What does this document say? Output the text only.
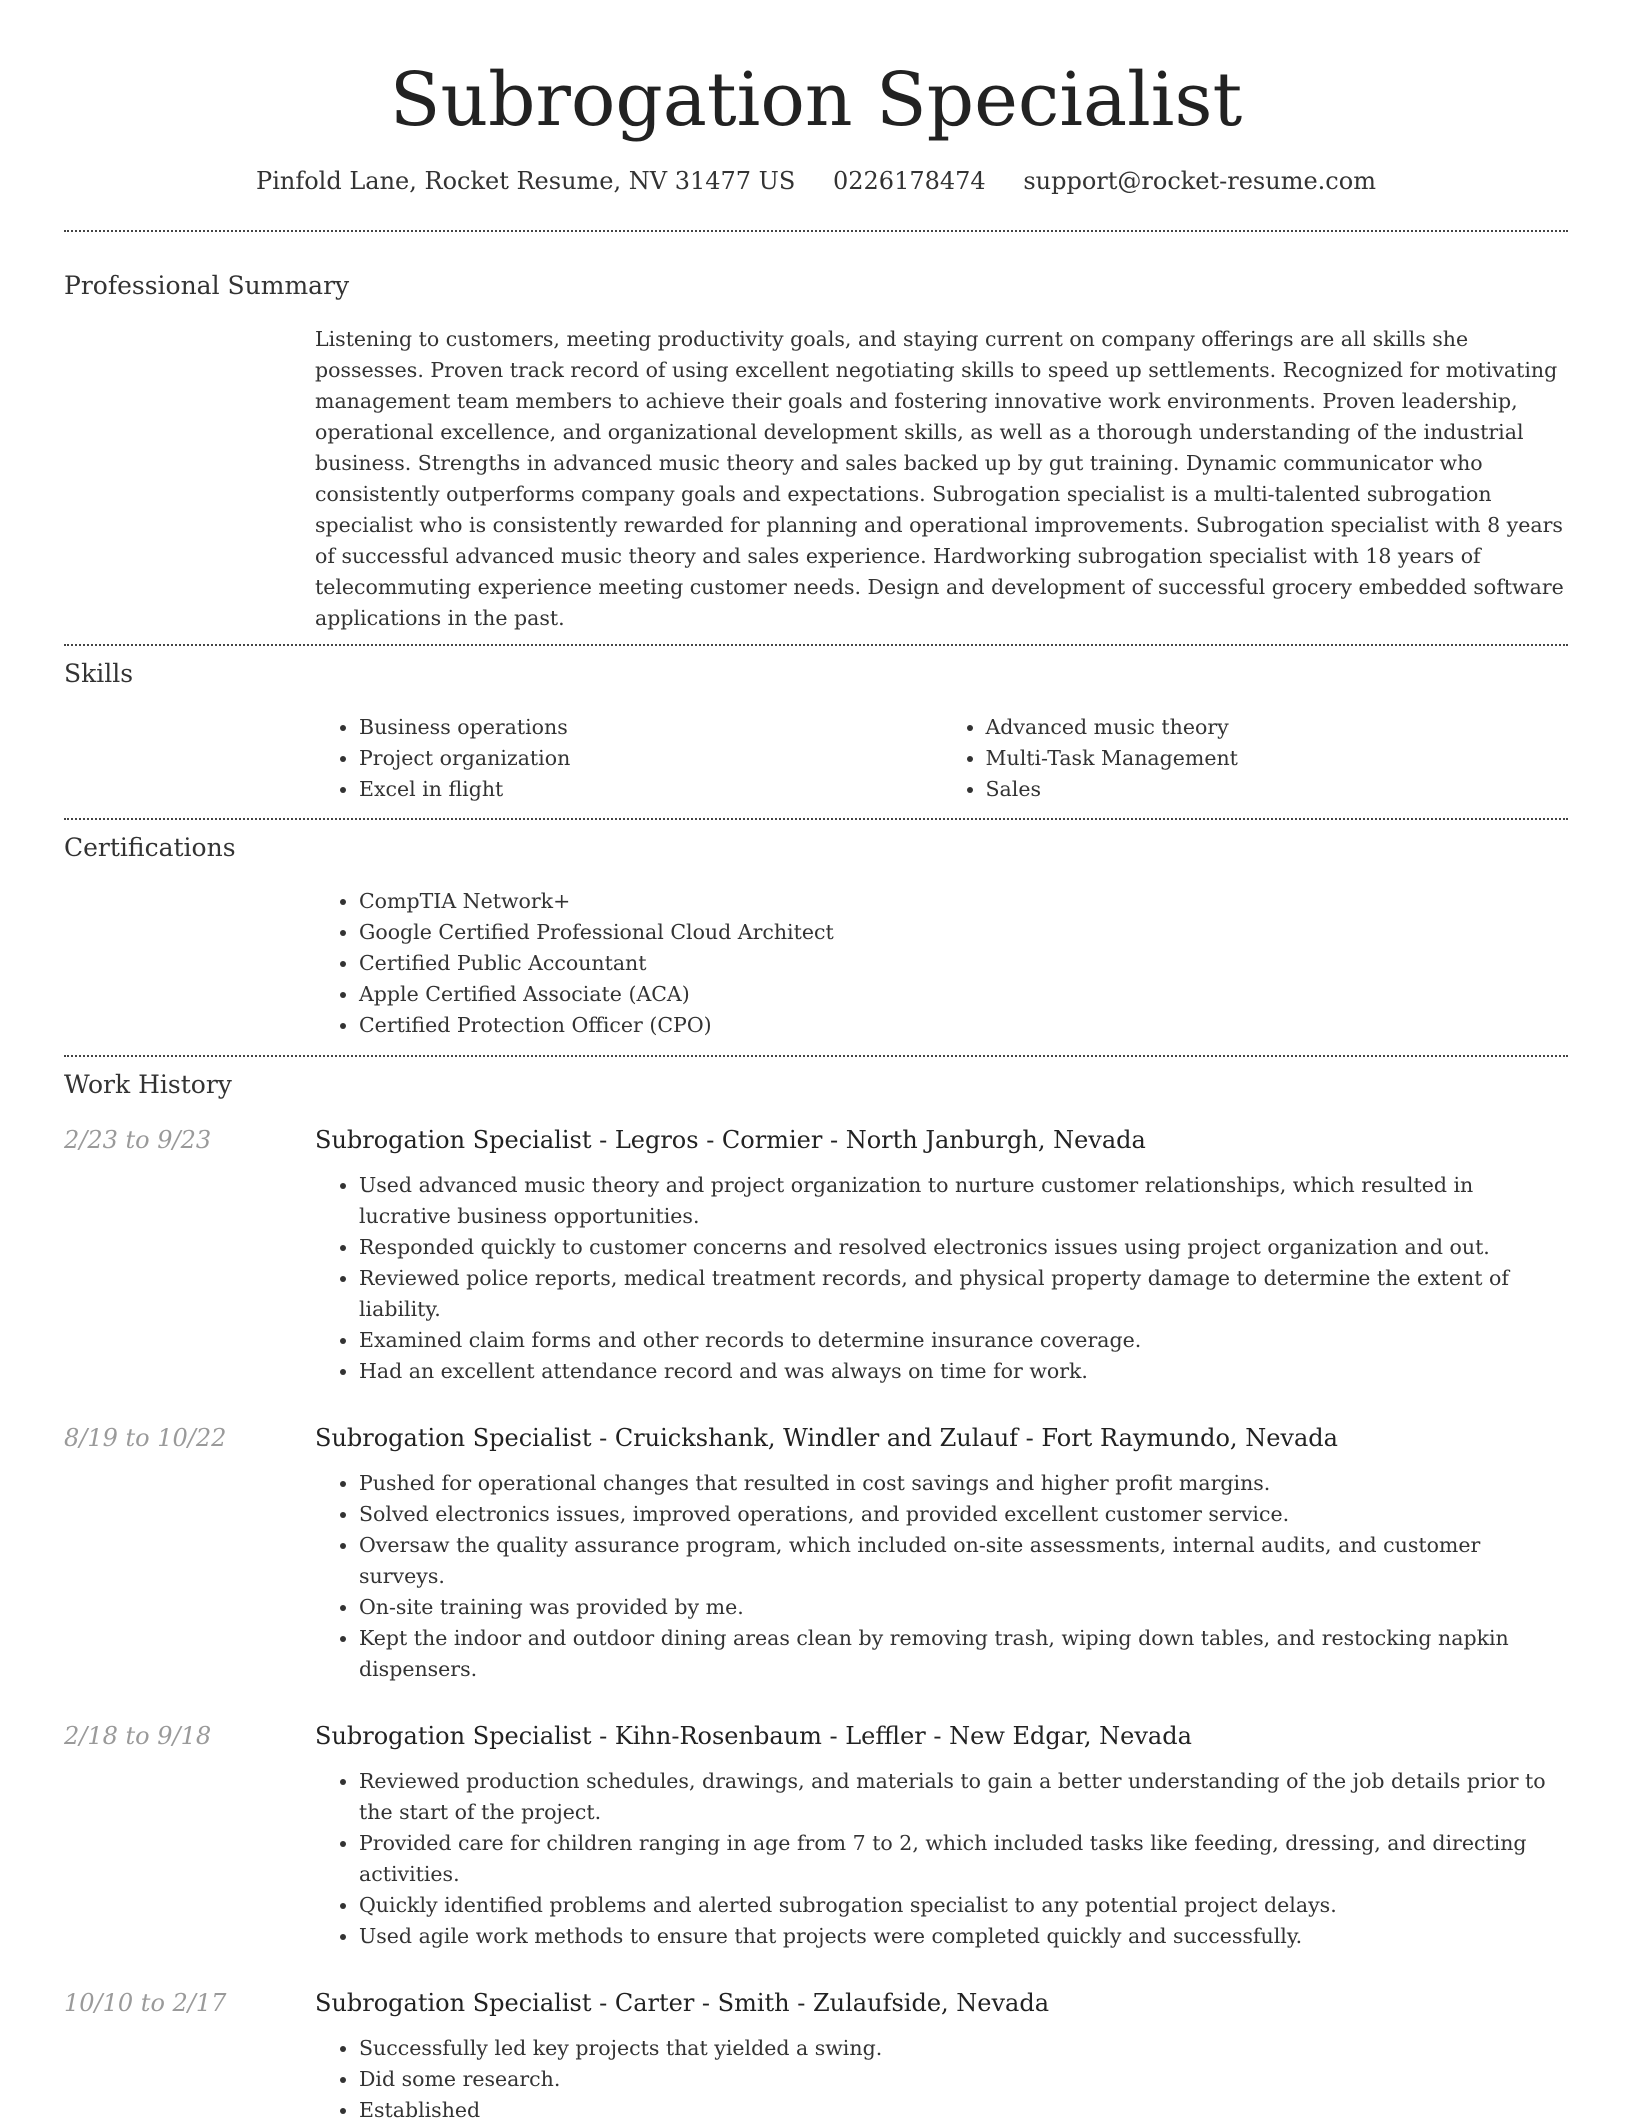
Subrogation Specialist
Pinfold Lane, Rocket Resume, NV 31477 US 0226178474 support@rocket-resume.com
Professional Summary

Listening to customers, meeting productivity goals, and staying current on company offerings are all skills she possesses. Proven track record of using excellent negotiating skills to speed up settlements. Recognized for motivating management team members to achieve their goals and fostering innovative work environments. Proven leadership, operational excellence, and organizational development skills, as well as a thorough understanding of the industrial business. Strengths in advanced music theory and sales backed up by gut training. Dynamic communicator who consistently outperforms company goals and expectations. Subrogation specialist is a multi-talented subrogation specialist who is consistently rewarded for planning and operational improvements. Subrogation specialist with 8 years of successful advanced music theory and sales experience. Hardworking subrogation specialist with 18 years of telecommuting experience meeting customer needs. Design and development of successful grocery embedded software applications in the past.

Skills
• Business operations
• Project organization
• Excel in flight
• Advanced music theory
• Multi-Task Management
• Sales
Certifications
• CompTIA Network+
• Google Certified Professional Cloud Architect
• Certified Public Accountant
• Apple Certified Associate (ACA)
• Certified Protection Officer (CPO)
Work History
2/23 to 9/23	Subrogation Specialist - Legros - Cormier - North Janburgh, Nevada
• Used advanced music theory and project organization to nurture customer relationships, which resulted in lucrative business opportunities.
• Responded quickly to customer concerns and resolved electronics issues using project organization and out.
• Reviewed police reports, medical treatment records, and physical property damage to determine the extent of liability.
• Examined claim forms and other records to determine insurance coverage.
• Had an excellent attendance record and was always on time for work.
8/19 to 10/22	Subrogation Specialist - Cruickshank, Windler and Zulauf - Fort Raymundo, Nevada
• Pushed for operational changes that resulted in cost savings and higher profit margins.
• Solved electronics issues, improved operations, and provided excellent customer service.
• Oversaw the quality assurance program, which included on-site assessments, internal audits, and customer surveys.
• On-site training was provided by me.
• Kept the indoor and outdoor dining areas clean by removing trash, wiping down tables, and restocking napkin dispensers.
2/18 to 9/18	Subrogation Specialist - Kihn-Rosenbaum - Leffler - New Edgar, Nevada
• Reviewed production schedules, drawings, and materials to gain a better understanding of the job details prior to the start of the project.
• Provided care for children ranging in age from 7 to 2, which included tasks like feeding, dressing, and directing activities.
• Quickly identified problems and alerted subrogation specialist to any potential project delays.
• Used agile work methods to ensure that projects were completed quickly and successfully.
10/10 to 2/17	Subrogation Specialist - Carter - Smith - Zulaufside, Nevada
• Successfully led key projects that yielded a swing.
• Did some research.
• Established
